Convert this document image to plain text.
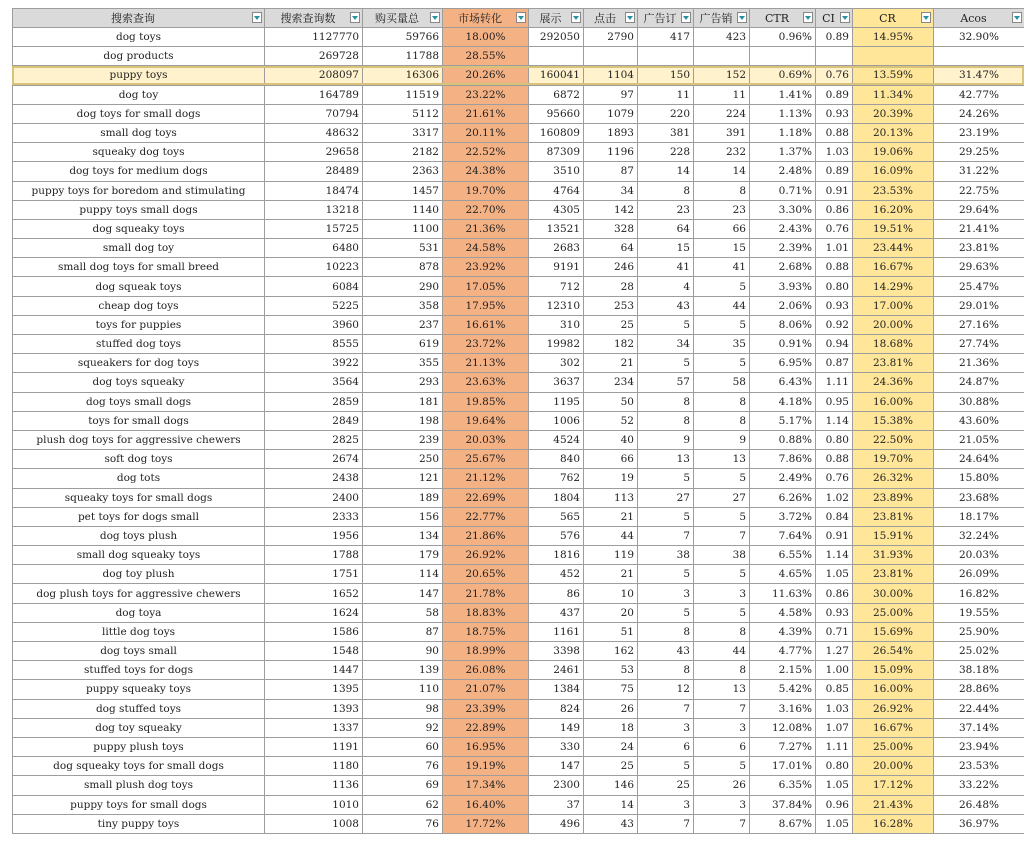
搜索查询	搜索查询数	购买量总	市场转化	展示	点击	广告订	广告销	CTR	CI	CR	Acos

dog toys	1127770	59766	18.00%	292050	2790	417	423	0.96%	0.89	14.95%	32.90%
dog products	269728	11788	28.55%								
puppy toys	208097	16306	20.26%	160041	1104	150	152	0.69%	0.76	13.59%	31.47%
dog toy	164789	11519	23.22%	6872	97	11	11	1.41%	0.89	11.34%	42.77%
dog toys for small dogs	70794	5112	21.61%	95660	1079	220	224	1.13%	0.93	20.39%	24.26%
small dog toys	48632	3317	20.11%	160809	1893	381	391	1.18%	0.88	20.13%	23.19%
squeaky dog toys	29658	2182	22.52%	87309	1196	228	232	1.37%	1.03	19.06%	29.25%
dog toys for medium dogs	28489	2363	24.38%	3510	87	14	14	2.48%	0.89	16.09%	31.22%
puppy toys for boredom and stimulating	18474	1457	19.70%	4764	34	8	8	0.71%	0.91	23.53%	22.75%
puppy toys small dogs	13218	1140	22.70%	4305	142	23	23	3.30%	0.86	16.20%	29.64%
dog squeaky toys	15725	1100	21.36%	13521	328	64	66	2.43%	0.76	19.51%	21.41%
small dog toy	6480	531	24.58%	2683	64	15	15	2.39%	1.01	23.44%	23.81%
small dog toys for small breed	10223	878	23.92%	9191	246	41	41	2.68%	0.88	16.67%	29.63%
dog squeak toys	6084	290	17.05%	712	28	4	5	3.93%	0.80	14.29%	25.47%
cheap dog toys	5225	358	17.95%	12310	253	43	44	2.06%	0.93	17.00%	29.01%
toys for puppies	3960	237	16.61%	310	25	5	5	8.06%	0.92	20.00%	27.16%
stuffed dog toys	8555	619	23.72%	19982	182	34	35	0.91%	0.94	18.68%	27.74%
squeakers for dog toys	3922	355	21.13%	302	21	5	5	6.95%	0.87	23.81%	21.36%
dog toys squeaky	3564	293	23.63%	3637	234	57	58	6.43%	1.11	24.36%	24.87%
dog toys small dogs	2859	181	19.85%	1195	50	8	8	4.18%	0.95	16.00%	30.88%
toys for small dogs	2849	198	19.64%	1006	52	8	8	5.17%	1.14	15.38%	43.60%
plush dog toys for aggressive chewers	2825	239	20.03%	4524	40	9	9	0.88%	0.80	22.50%	21.05%
soft dog toys	2674	250	25.67%	840	66	13	13	7.86%	0.88	19.70%	24.64%
dog tots	2438	121	21.12%	762	19	5	5	2.49%	0.76	26.32%	15.80%
squeaky toys for small dogs	2400	189	22.69%	1804	113	27	27	6.26%	1.02	23.89%	23.68%
pet toys for dogs small	2333	156	22.77%	565	21	5	5	3.72%	0.84	23.81%	18.17%
dog toys plush	1956	134	21.86%	576	44	7	7	7.64%	0.91	15.91%	32.24%
small dog squeaky toys	1788	179	26.92%	1816	119	38	38	6.55%	1.14	31.93%	20.03%
dog toy plush	1751	114	20.65%	452	21	5	5	4.65%	1.05	23.81%	26.09%
dog plush toys for aggressive chewers	1652	147	21.78%	86	10	3	3	11.63%	0.86	30.00%	16.82%
dog toya	1624	58	18.83%	437	20	5	5	4.58%	0.93	25.00%	19.55%
little dog toys	1586	87	18.75%	1161	51	8	8	4.39%	0.71	15.69%	25.90%
dog toys small	1548	90	18.99%	3398	162	43	44	4.77%	1.27	26.54%	25.02%
stuffed toys for dogs	1447	139	26.08%	2461	53	8	8	2.15%	1.00	15.09%	38.18%
puppy squeaky toys	1395	110	21.07%	1384	75	12	13	5.42%	0.85	16.00%	28.86%
dog stuffed toys	1393	98	23.39%	824	26	7	7	3.16%	1.03	26.92%	22.44%
dog toy squeaky	1337	92	22.89%	149	18	3	3	12.08%	1.07	16.67%	37.14%
puppy plush toys	1191	60	16.95%	330	24	6	6	7.27%	1.11	25.00%	23.94%
dog squeaky toys for small dogs	1180	76	19.19%	147	25	5	5	17.01%	0.80	20.00%	23.53%
small plush dog toys	1136	69	17.34%	2300	146	25	26	6.35%	1.05	17.12%	33.22%
puppy toys for small dogs	1010	62	16.40%	37	14	3	3	37.84%	0.96	21.43%	26.48%
tiny puppy toys	1008	76	17.72%	496	43	7	7	8.67%	1.05	16.28%	36.97%
